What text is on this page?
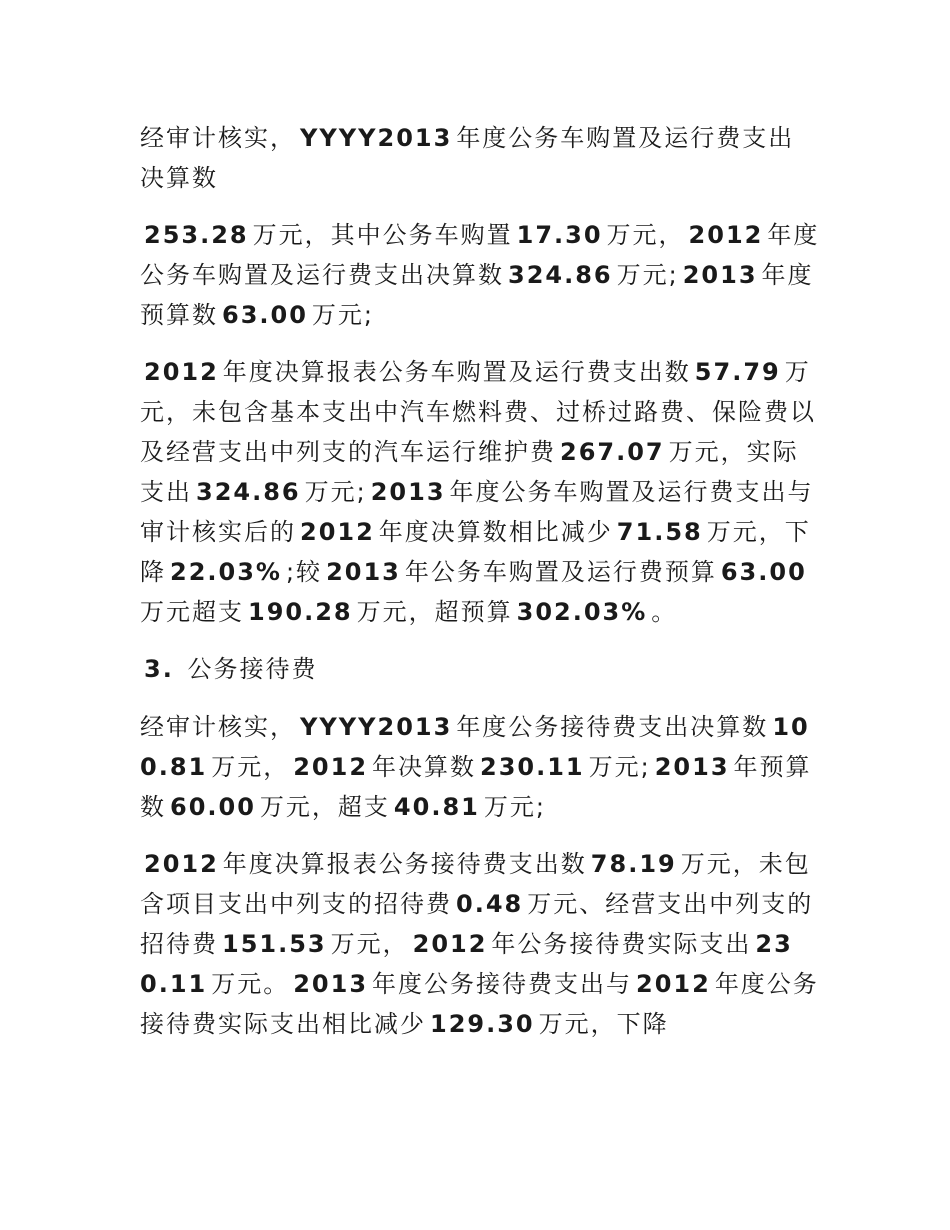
经审计核实， YYYY2013 年度公务车购置及运行费支出决算数

253.28 万元，其中公务车购置 17.30 万元， 2012 年度公务车购置及运行费支出决算数 324.86 万元; 2013 年度预算数 63.00 万元;

2012 年度决算报表公务车购置及运行费支出数 57.79 万元，未包含基本支出中汽车燃料费、过桥过路费、保险费以及经营支出中列支的汽车运行维护费 267.07 万元，实际支出 324.86 万元; 2013 年度公务车购置及运行费支出与审计核实后的 2012 年度决算数相比减少 71.58 万元，下降 22.03% ;较 2013 年公务车购置及运行费预算 63.00万元超支 190.28 万元，超预算 302.03% 。

3. 公务接待费

经审计核实， YYYY2013 年度公务接待费支出决算数 100.81 万元， 2012 年决算数 230.11 万元; 2013 年预算数 60.00 万元，超支 40.81 万元;

2012 年度决算报表公务接待费支出数 78.19 万元，未包含项目支出中列支的招待费 0.48 万元、经营支出中列支的招待费 151.53 万元， 2012 年公务接待费实际支出 230.11 万元。 2013 年度公务接待费支出与 2012 年度公务接待费实际支出相比减少 129.30 万元，下降
